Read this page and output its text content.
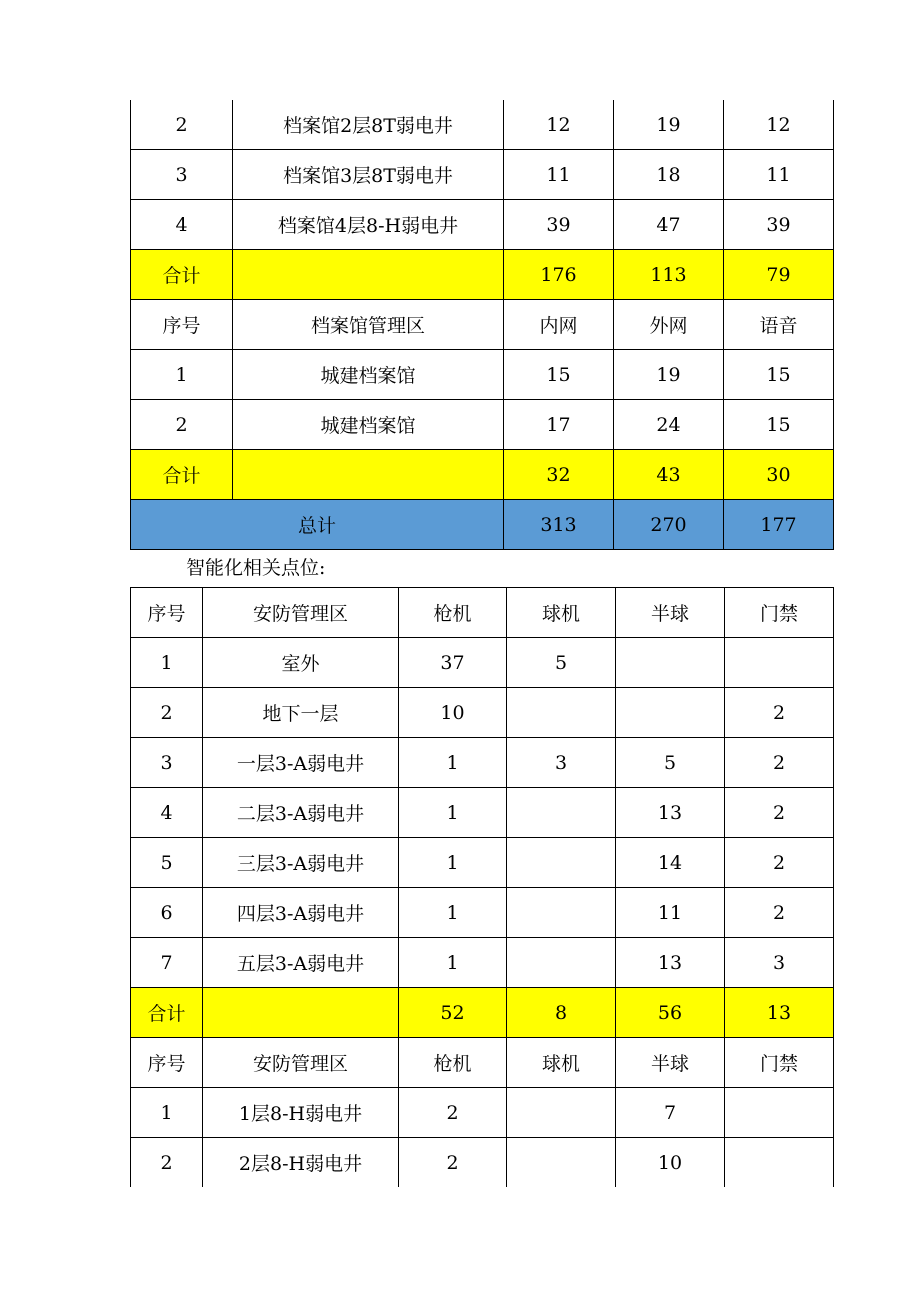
2	档案馆2层8T弱电井	12	19	12
3	档案馆3层8T弱电井	11	18	11
4	档案馆4层8-H弱电井	39	47	39
合计		176	113	79
序号	档案馆管理区	内网	外网	语音
1	城建档案馆	15	19	15
2	城建档案馆	17	24	15
合计		32	43	30
总计		313	270	177
智能化相关点位:
序号	安防管理区	枪机	球机	半球	门禁
1	室外	37	5		
2	地下一层	10			2
3	一层3-A弱电井	1	3	5	2
4	二层3-A弱电井	1		13	2
5	三层3-A弱电井	1		14	2
6	四层3-A弱电井	1		11	2
7	五层3-A弱电井	1		13	3
合计		52	8	56	13
序号	安防管理区	枪机	球机	半球	门禁
1	1层8-H弱电井	2		7	
2	2层8-H弱电井	2		10	
